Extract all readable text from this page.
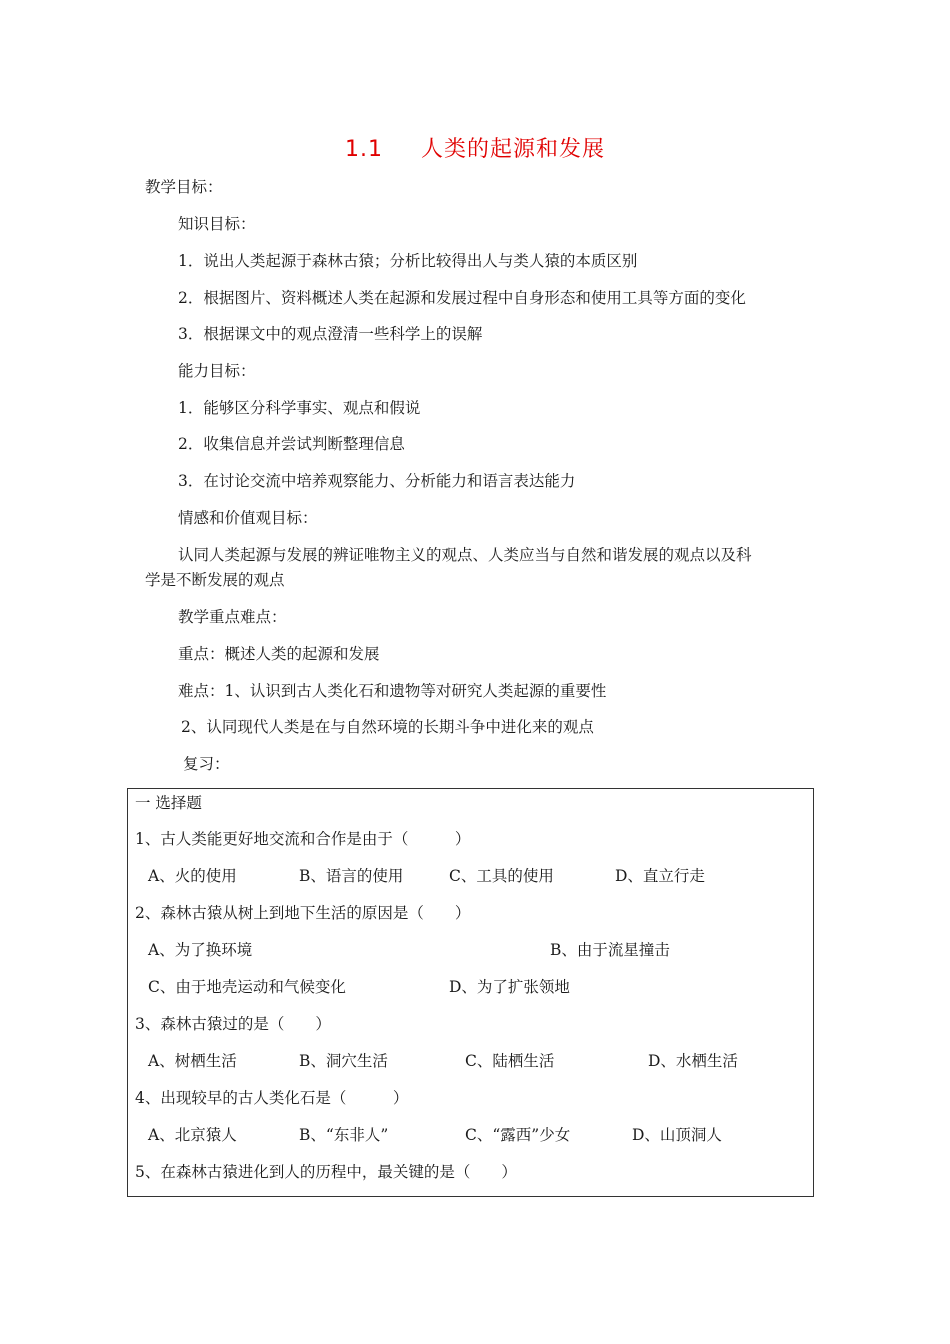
1.1 人类的起源和发展
教学目标：
知识目标：
1．说出人类起源于森林古猿；分析比较得出人与类人猿的本质区别
2．根据图片、资料概述人类在起源和发展过程中自身形态和使用工具等方面的变化
3．根据课文中的观点澄清一些科学上的误解
能力目标：
1．能够区分科学事实、观点和假说
2．收集信息并尝试判断整理信息
3．在讨论交流中培养观察能力、分析能力和语言表达能力
情感和价值观目标：
认同人类起源与发展的辨证唯物主义的观点、人类应当与自然和谐发展的观点以及科
学是不断发展的观点
教学重点难点：
重点：概述人类的起源和发展
难点：1、认识到古人类化石和遗物等对研究人类起源的重要性
2、认同现代人类是在与自然环境的长期斗争中进化来的观点
复习：
一 选择题
1、古人类能更好地交流和合作是由于（　　　）
A、火的使用	B、语言的使用	C、工具的使用	D、直立行走
2、森林古猿从树上到地下生活的原因是（　　）
A、为了换环境	B、由于流星撞击
C、由于地壳运动和气候变化	D、为了扩张领地
3、森林古猿过的是（　　）
A、树栖生活	B、洞穴生活	C、陆栖生活	D、水栖生活
4、出现较早的古人类化石是（　　　）
A、北京猿人	B、“东非人”	C、“露西”少女	D、山顶洞人
5、在森林古猿进化到人的历程中，最关键的是（　　）
